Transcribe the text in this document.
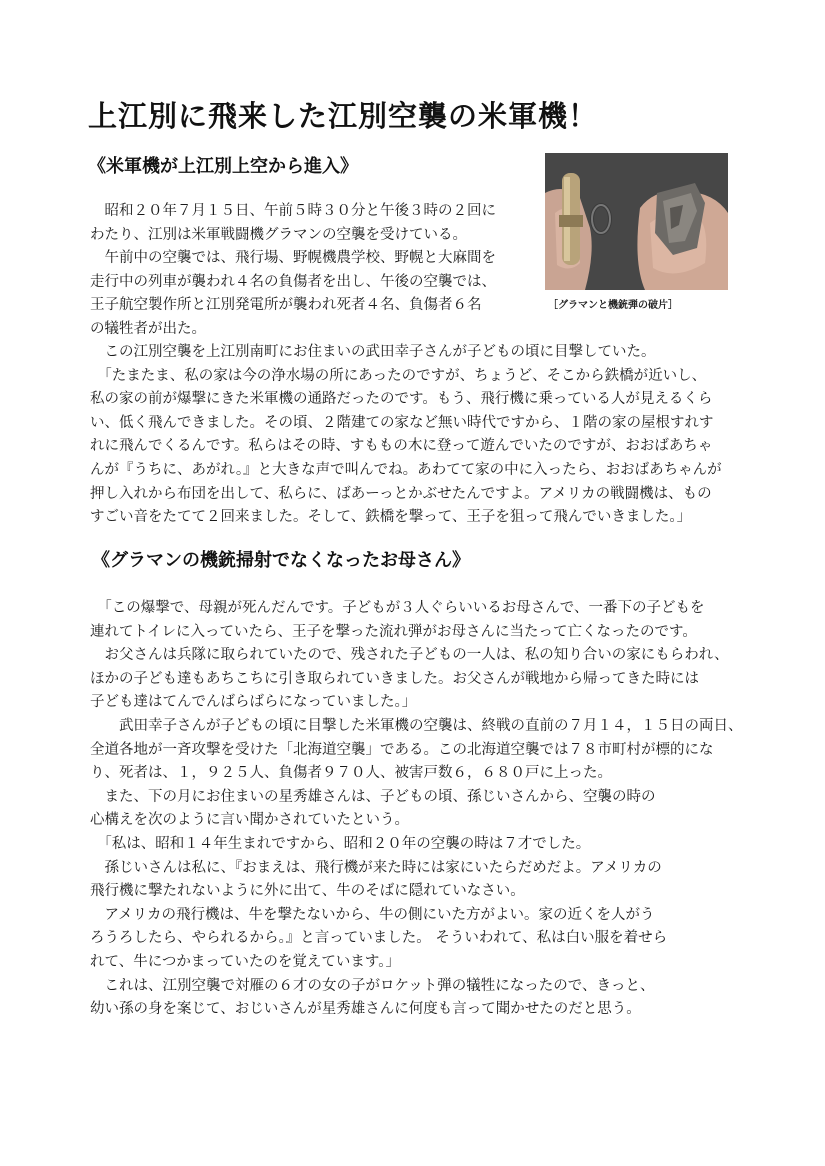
上江別に飛来した江別空襲の米軍機！
《米軍機が上江別上空から進入》
［グラマンと機銃弾の破片］

　昭和２０年７月１５日、午前５時３０分と午後３時の２回に

わたり、江別は米軍戦闘機グラマンの空襲を受けている。

　午前中の空襲では、飛行場、野幌機農学校、野幌と大麻間を

走行中の列車が襲われ４名の負傷者を出し、午後の空襲では、

王子航空製作所と江別発電所が襲われ死者４名、負傷者６名

の犠牲者が出た。

　この江別空襲を上江別南町にお住まいの武田幸子さんが子どもの頃に目撃していた。

　「たまたま、私の家は今の浄水場の所にあったのですが、ちょうど、そこから鉄橋が近いし、

私の家の前が爆撃にきた米軍機の通路だったのです。もう、飛行機に乗っている人が見えるくら

い、低く飛んできました。その頃、２階建ての家など無い時代ですから、１階の家の屋根すれす

れに飛んでくるんです。私らはその時、すももの木に登って遊んでいたのですが、おおばあちゃ

んが『うちに、あがれ。』と大きな声で叫んでね。あわてて家の中に入ったら、おおばあちゃんが

押し入れから布団を出して、私らに、ばあーっとかぶせたんですよ。アメリカの戦闘機は、もの

すごい音をたてて２回来ました。そして、鉄橋を撃って、王子を狙って飛んでいきました。」

《グラマンの機銃掃射でなくなったお母さん》

　「この爆撃で、母親が死んだんです。子どもが３人ぐらいいるお母さんで、一番下の子どもを

連れてトイレに入っていたら、王子を撃った流れ弾がお母さんに当たって亡くなったのです。

　お父さんは兵隊に取られていたので、残された子どもの一人は、私の知り合いの家にもらわれ、

ほかの子ども達もあちこちに引き取られていきました。お父さんが戦地から帰ってきた時には

子ども達はてんでんばらばらになっていました。」

　　武田幸子さんが子どもの頃に目撃した米軍機の空襲は、終戦の直前の７月１４，１５日の両日、

全道各地が一斉攻撃を受けた「北海道空襲」である。この北海道空襲では７８市町村が標的にな

り、死者は、１，９２５人、負傷者９７０人、被害戸数６，６８０戸に上った。

　また、下の月にお住まいの星秀雄さんは、子どもの頃、孫じいさんから、空襲の時の

心構えを次のように言い聞かされていたという。

　「私は、昭和１４年生まれですから、昭和２０年の空襲の時は７才でした。

　孫じいさんは私に、『おまえは、飛行機が来た時には家にいたらだめだよ。アメリカの

飛行機に撃たれないように外に出て、牛のそばに隠れていなさい。

　アメリカの飛行機は、牛を撃たないから、牛の側にいた方がよい。家の近くを人がう

ろうろしたら、やられるから。』と言っていました。 そういわれて、私は白い服を着せら

れて、牛につかまっていたのを覚えています。」

　これは、江別空襲で対雁の６才の女の子がロケット弾の犠牲になったので、きっと、

幼い孫の身を案じて、おじいさんが星秀雄さんに何度も言って聞かせたのだと思う。
